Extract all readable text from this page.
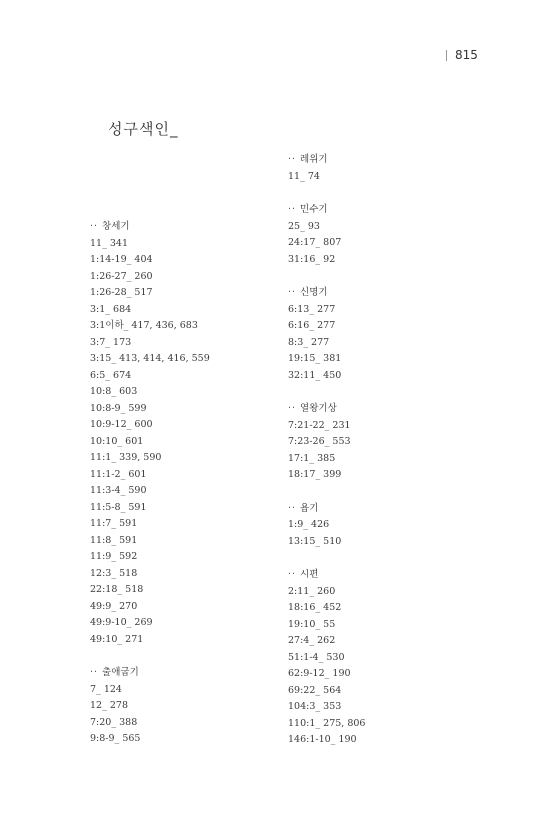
815
성구색인_
·· 창세기
11_ 341
1:14-19_ 404
1:26-27_ 260
1:26-28_ 517
3:1_ 684
3:1이하_ 417, 436, 683
3:7_ 173
3:15_ 413, 414, 416, 559
6:5_ 674
10:8_ 603
10:8-9_ 599
10:9-12_ 600
10:10_ 601
11:1_ 339, 590
11:1-2_ 601
11:3-4_ 590
11:5-8_ 591
11:7_ 591
11:8_ 591
11:9_ 592
12:3_ 518
22:18_ 518
49:9_ 270
49:9-10_ 269
49:10_ 271
·· 출애굽기
7_ 124
12_ 278
7:20_ 388
9:8-9_ 565
·· 레위기
11_ 74
·· 민수기
25_ 93
24:17_ 807
31:16_ 92
·· 신명기
6:13_ 277
6:16_ 277
8:3_ 277
19:15_ 381
32:11_ 450
·· 열왕기상
7:21-22_ 231
7:23-26_ 553
17:1_ 385
18:17_ 399
·· 욥기
1:9_ 426
13:15_ 510
·· 시편
2:11_ 260
18:16_ 452
19:10_ 55
27:4_ 262
51:1-4_ 530
62:9-12_ 190
69:22_ 564
104:3_ 353
110:1_ 275, 806
146:1-10_ 190
